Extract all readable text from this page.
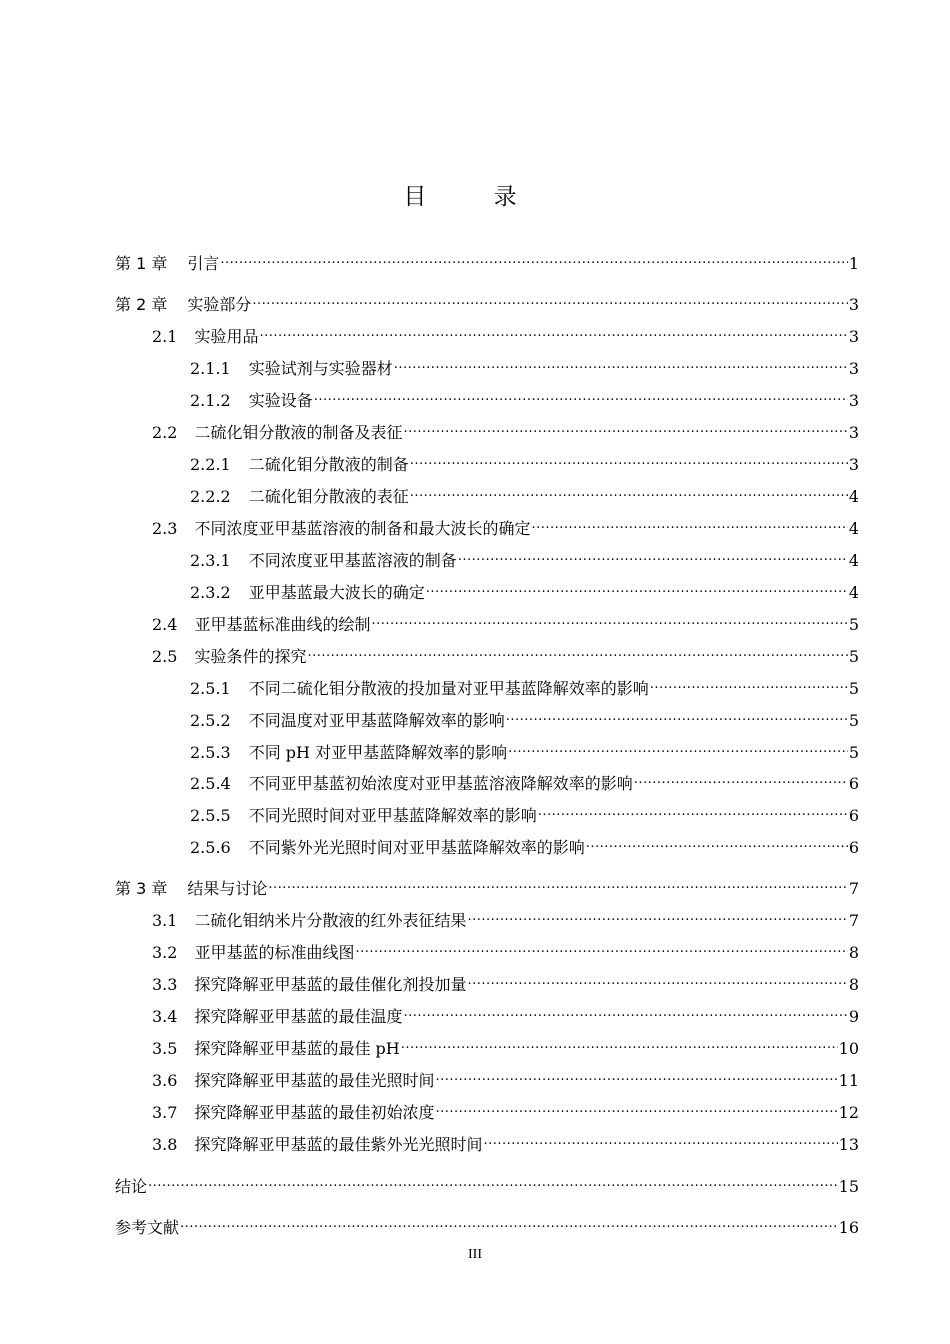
目 录
第 1 章 引言 .....	1
第 2 章 实验部分 .....	3
2.1 实验用品 .....	3
2.1.1 实验试剂与实验器材 .....	3
2.1.2 实验设备 .....	3
2.2 二硫化钼分散液的制备及表征 .....	3
2.2.1 二硫化钼分散液的制备 .....	3
2.2.2 二硫化钼分散液的表征 .....	4
2.3 不同浓度亚甲基蓝溶液的制备和最大波长的确定 .....	4
2.3.1 不同浓度亚甲基蓝溶液的制备 .....	4
2.3.2 亚甲基蓝最大波长的确定 .....	4
2.4 亚甲基蓝标准曲线的绘制 .....	5
2.5 实验条件的探究 .....	5
2.5.1 不同二硫化钼分散液的投加量对亚甲基蓝降解效率的影响 .....	5
2.5.2 不同温度对亚甲基蓝降解效率的影响 .....	5
2.5.3 不同 pH 对亚甲基蓝降解效率的影响 .....	5
2.5.4 不同亚甲基蓝初始浓度对亚甲基蓝溶液降解效率的影响 .....	6
2.5.5 不同光照时间对亚甲基蓝降解效率的影响 .....	6
2.5.6 不同紫外光光照时间对亚甲基蓝降解效率的影响 .....	6
第 3 章 结果与讨论 .....	7
3.1 二硫化钼纳米片分散液的红外表征结果 .....	7
3.2 亚甲基蓝的标准曲线图 .....	8
3.3 探究降解亚甲基蓝的最佳催化剂投加量 .....	8
3.4 探究降解亚甲基蓝的最佳温度 .....	9
3.5 探究降解亚甲基蓝的最佳 pH .....	10
3.6 探究降解亚甲基蓝的最佳光照时间 .....	11
3.7 探究降解亚甲基蓝的最佳初始浓度 .....	12
3.8 探究降解亚甲基蓝的最佳紫外光光照时间 .....	13
结论 .....	15
参考文献 .....	16
III
